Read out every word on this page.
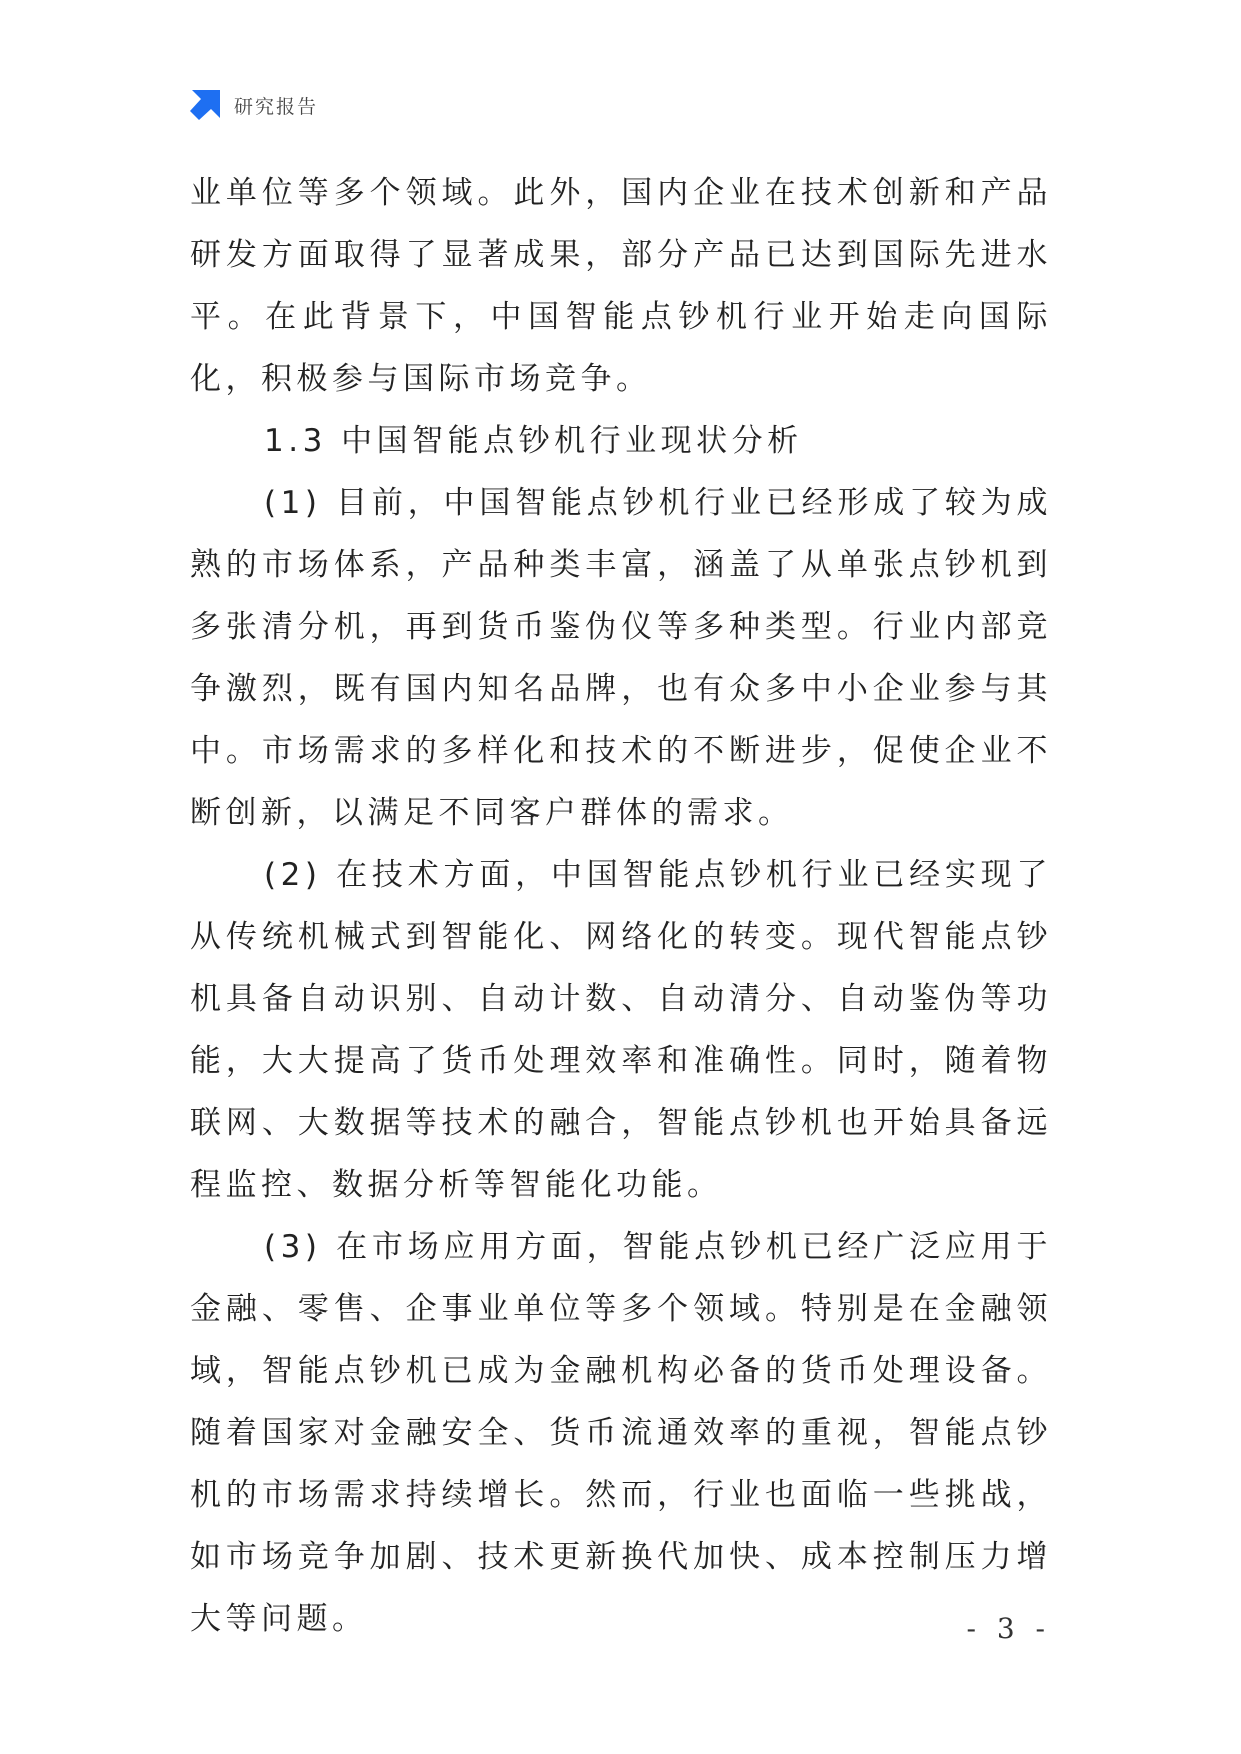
研究报告

业单位等多个领域。此外，国内企业在技术创新和产品研发方面取得了显著成果，部分产品已达到国际先进水平。在此背景下，中国智能点钞机行业开始走向国际化，积极参与国际市场竞争。

1.3 中国智能点钞机行业现状分析

(1) 目前，中国智能点钞机行业已经形成了较为成熟的市场体系，产品种类丰富，涵盖了从单张点钞机到多张清分机，再到货币鉴伪仪等多种类型。行业内部竞争激烈，既有国内知名品牌，也有众多中小企业参与其中。市场需求的多样化和技术的不断进步，促使企业不断创新，以满足不同客户群体的需求。

(2) 在技术方面，中国智能点钞机行业已经实现了从传统机械式到智能化、网络化的转变。现代智能点钞机具备自动识别、自动计数、自动清分、自动鉴伪等功能，大大提高了货币处理效率和准确性。同时，随着物联网、大数据等技术的融合，智能点钞机也开始具备远程监控、数据分析等智能化功能。

(3) 在市场应用方面，智能点钞机已经广泛应用于金融、零售、企事业单位等多个领域。特别是在金融领域，智能点钞机已成为金融机构必备的货币处理设备。随着国家对金融安全、货币流通效率的重视，智能点钞机的市场需求持续增长。然而，行业也面临一些挑战，如市场竞争加剧、技术更新换代加快、成本控制压力增大等问题。	- 3 -
